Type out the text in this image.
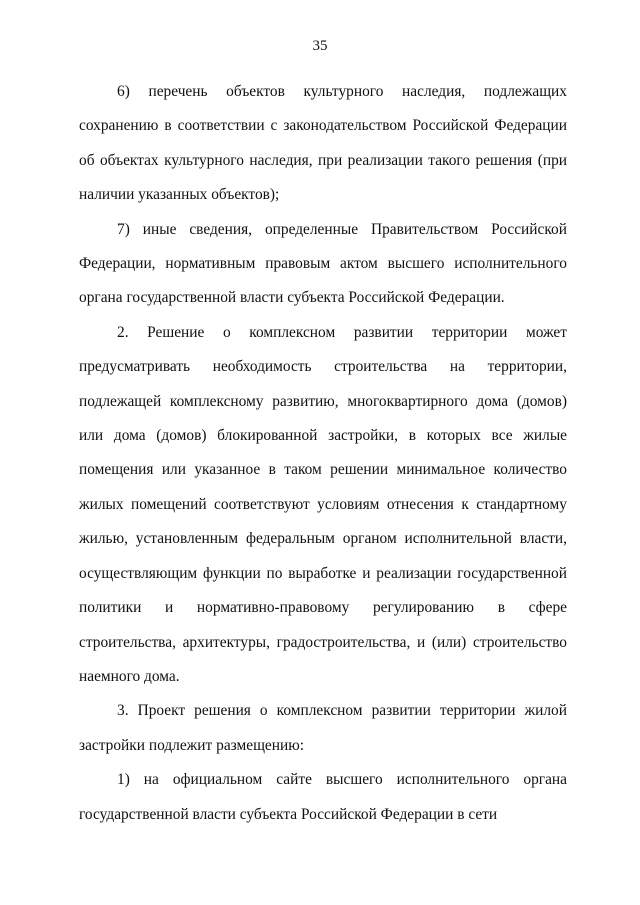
35

6) перечень объектов культурного наследия, подлежащих сохранению в соответствии с законодательством Российской Федерации об объектах культурного наследия, при реализации такого решения (при наличии указанных объектов);

7) иные сведения, определенные Правительством Российской Федерации, нормативным правовым актом высшего исполнительного органа государственной власти субъекта Российской Федерации.

2. Решение о комплексном развитии территории может предусматривать необходимость строительства на территории, подлежащей комплексному развитию, многоквартирного дома (домов) или дома (домов) блокированной застройки, в которых все жилые помещения или указанное в таком решении минимальное количество жилых помещений соответствуют условиям отнесения к стандартному жилью, установленным федеральным органом исполнительной власти, осуществляющим функции по выработке и реализации государственной политики и нормативно-правовому регулированию в сфере строительства, архитектуры, градостроительства, и (или) строительство наемного дома.

3. Проект решения о комплексном развитии территории жилой застройки подлежит размещению:

1) на официальном сайте высшего исполнительного органа государственной власти субъекта Российской Федерации в сети
